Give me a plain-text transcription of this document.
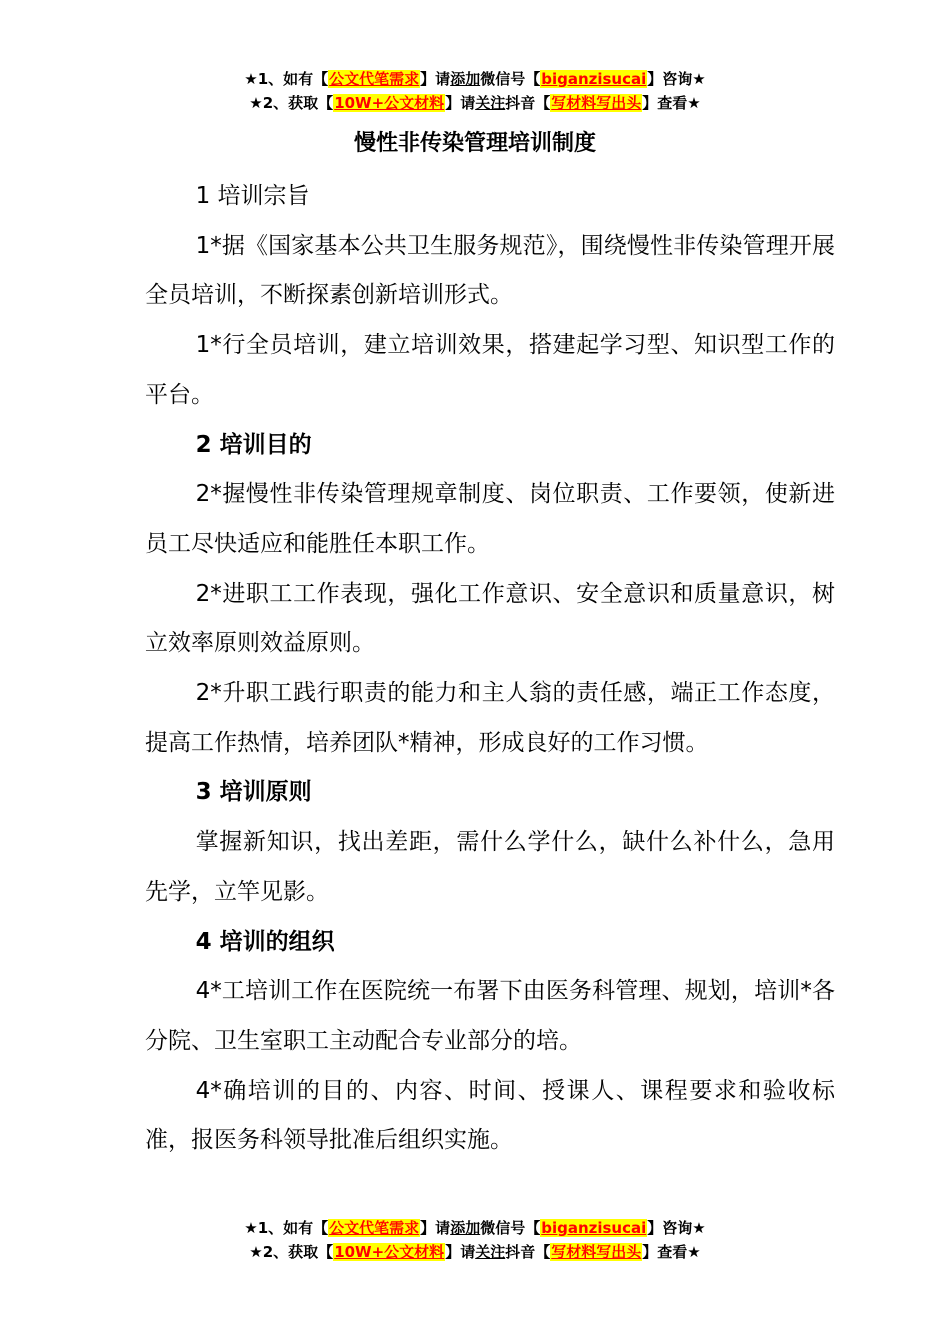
★1、如有【公文代笔需求】请添加微信号【biganzisucai】咨询★
★2、获取【10W+公文材料】请关注抖音【写材料写出头】查看★
慢性非传染管理培训制度

1 培训宗旨

1*据《国家基本公共卫生服务规范》，围绕慢性非传染管理开展全员培训，不断探素创新培训形式。

1*行全员培训，建立培训效果，搭建起学习型、知识型工作的平台。

2 培训目的

2*握慢性非传染管理规章制度、岗位职责、工作要领，使新进员工尽快适应和能胜任本职工作。

2*进职工工作表现，强化工作意识、安全意识和质量意识，树立效率原则效益原则。

2*升职工践行职责的能力和主人翁的责任感，端正工作态度，提高工作热情，培养团队*精神，形成良好的工作习惯。

3 培训原则

掌握新知识，找出差距，需什么学什么，缺什么补什么，急用先学，立竿见影。

4 培训的组织

4*工培训工作在医院统一布署下由医务科管理、规划，培训*各分院、卫生室职工主动配合专业部分的培。

4*确培训的目的、内容、时间、授课人、课程要求和验收标准，报医务科领导批准后组织实施。

★1、如有【公文代笔需求】请添加微信号【biganzisucai】咨询★
★2、获取【10W+公文材料】请关注抖音【写材料写出头】查看★
